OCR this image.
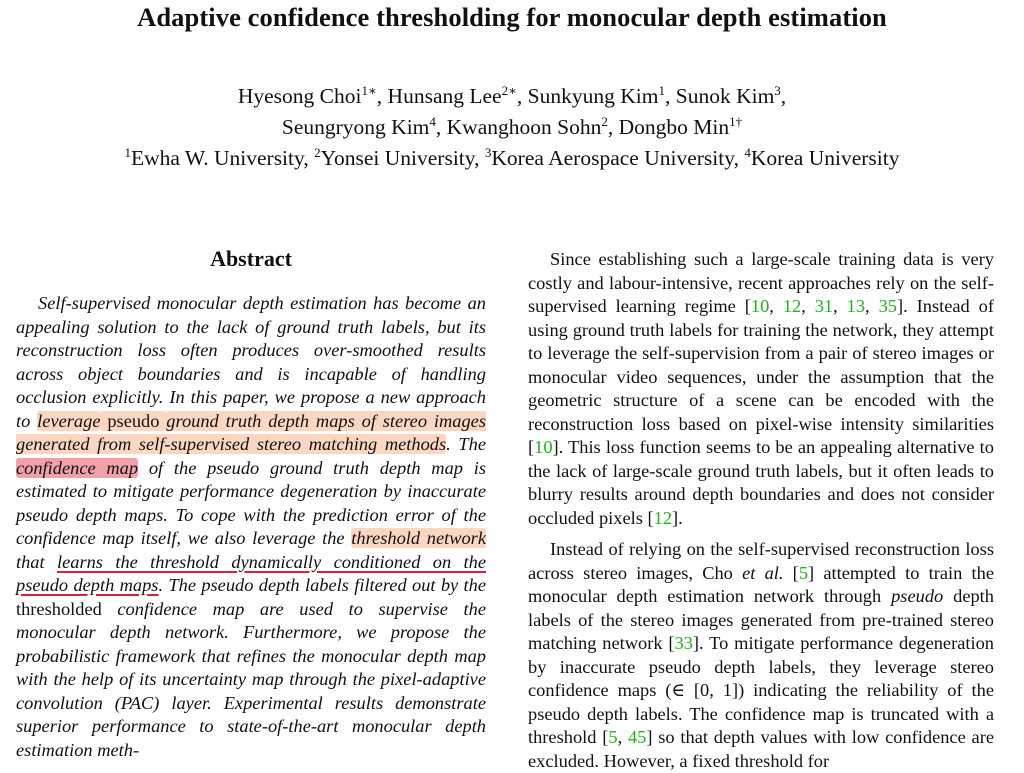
Adaptive confidence thresholding for monocular depth estimation
Hyesong Choi$^{1∗}$, Hunsang Lee$^{2∗}$, Sunkyung Kim$^1$, Sunok Kim$^3$,
Seungryong Kim$^4$, Kwanghoon Sohn$^2$, Dongbo Min$^{1\dagger}$
$^1$Ewha W. University, $^2$Yonsei University, $^3$Korea Aerospace University, $^4$Korea University
Abstract

Self-supervised monocular depth estimation has become an appealing solution to the lack of ground truth labels, but its reconstruction loss often produces over-smoothed results across object boundaries and is incapable of handling occlusion explicitly. In this paper, we propose a new approach to leverage pseudo ground truth depth maps of stereo images generated from self-supervised stereo matching methods. The confidence map of the pseudo ground truth depth map is estimated to mitigate performance degeneration by inaccurate pseudo depth maps. To cope with the prediction error of the confidence map itself, we also leverage the threshold network that learns the threshold dynamically conditioned on the pseudo depth maps. The pseudo depth labels filtered out by the thresholded confidence map are used to supervise the monocular depth network. Furthermore, we propose the probabilistic framework that refines the monocular depth map with the help of its uncertainty map through the pixel-adaptive convolution (PAC) layer. Experimental results demonstrate superior performance to state-of-the-art monocular depth estimation meth-

Since establishing such a large-scale training data is very costly and labour-intensive, recent approaches rely on the self-supervised learning regime [10, 12, 31, 13, 35]. Instead of using ground truth labels for training the network, they attempt to leverage the self-supervision from a pair of stereo images or monocular video sequences, under the assumption that the geometric structure of a scene can be encoded with the reconstruction loss based on pixel-wise intensity similarities [10]. This loss function seems to be an appealing alternative to the lack of large-scale ground truth labels, but it often leads to blurry results around depth boundaries and does not consider occluded pixels [12].

Instead of relying on the self-supervised reconstruction loss across stereo images, Cho et al. [5] attempted to train the monocular depth estimation network through pseudo depth labels of the stereo images generated from pre-trained stereo matching network [33]. To mitigate performance degeneration by inaccurate pseudo depth labels, they leverage stereo confidence maps (∈ [0, 1]) indicating the reliability of the pseudo depth labels. The confidence map is truncated with a threshold [5, 45] so that depth values with low confidence are excluded. However, a fixed threshold for
